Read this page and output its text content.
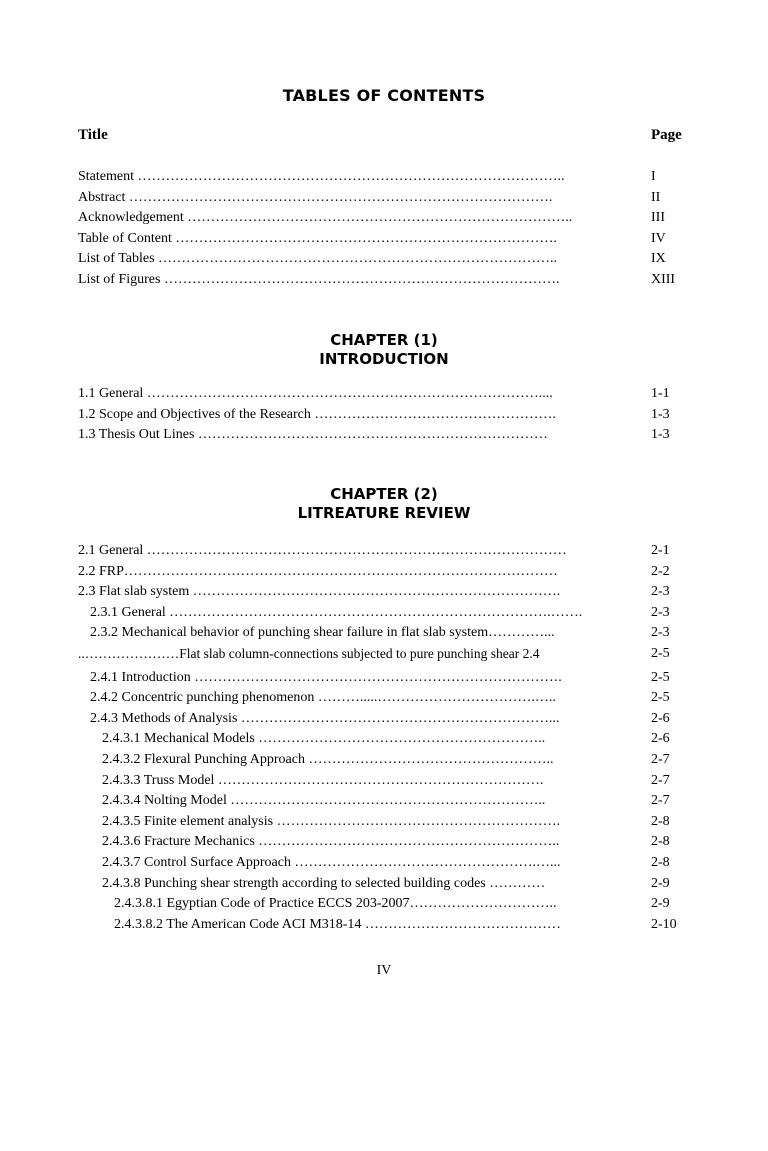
TABLES OF CONTENTS
Title	Page
Statement ………………………………………………………………………………..	I
Abstract ……………………………………………………………………………….	II
Acknowledgement ………………………………………………………………………..	III
Table of Content ……………………………………………………………………….	IV
List of Tables …………………………………………………………………………..	IX
List of Figures ………………………………………………………………………….	XIII
CHAPTER (1)
INTRODUCTION
1.1 General …………………………………………………………………………....	1-1
1.2 Scope and Objectives of the Research …………………………………………….	1-3
1.3 Thesis Out Lines …………………………………………………………………	1-3
CHAPTER (2)
LITREATURE REVIEW
2.1 General ………………………………………………………………………………	2-1
2.2 FRP…………………………………………………………………………………	2-2
2.3 Flat slab system …………………………………………………………………….	2-3
2.3.1 General ……………………………………………………………………….…….	2-3
2.3.2 Mechanical behavior of punching shear failure in flat slab system…………...	2-3
..…………………Flat slab column-connections subjected to pure punching shear 2.4	2-5
2.4.1 Introduction …………………………………………………………………….	2-5
2.4.2 Concentric punching phenomenon ……….....…………………………….…..	2-5
2.4.3 Methods of Analysis …………………………………………………………...	2-6
2.4.3.1 Mechanical Models ……………………………………………………..	2-6
2.4.3.2 Flexural Punching Approach ……………………………………………..	2-7
2.4.3.3 Truss Model …………………………………………………………….	2-7
2.4.3.4 Nolting Model …………………………………………………………..	2-7
2.4.3.5 Finite element analysis …………………………………………………….	2-8
2.4.3.6 Fracture Mechanics ………………………………………………………..	2-8
2.4.3.7 Control Surface Approach …………………………………………….…...	2-8
2.4.3.8 Punching shear strength according to selected building codes …………	2-9
2.4.3.8.1 Egyptian Code of Practice ECCS 203-2007…………………………..	2-9
2.4.3.8.2 The American Code ACI M318-14 ……………………………………	2-10
IV
